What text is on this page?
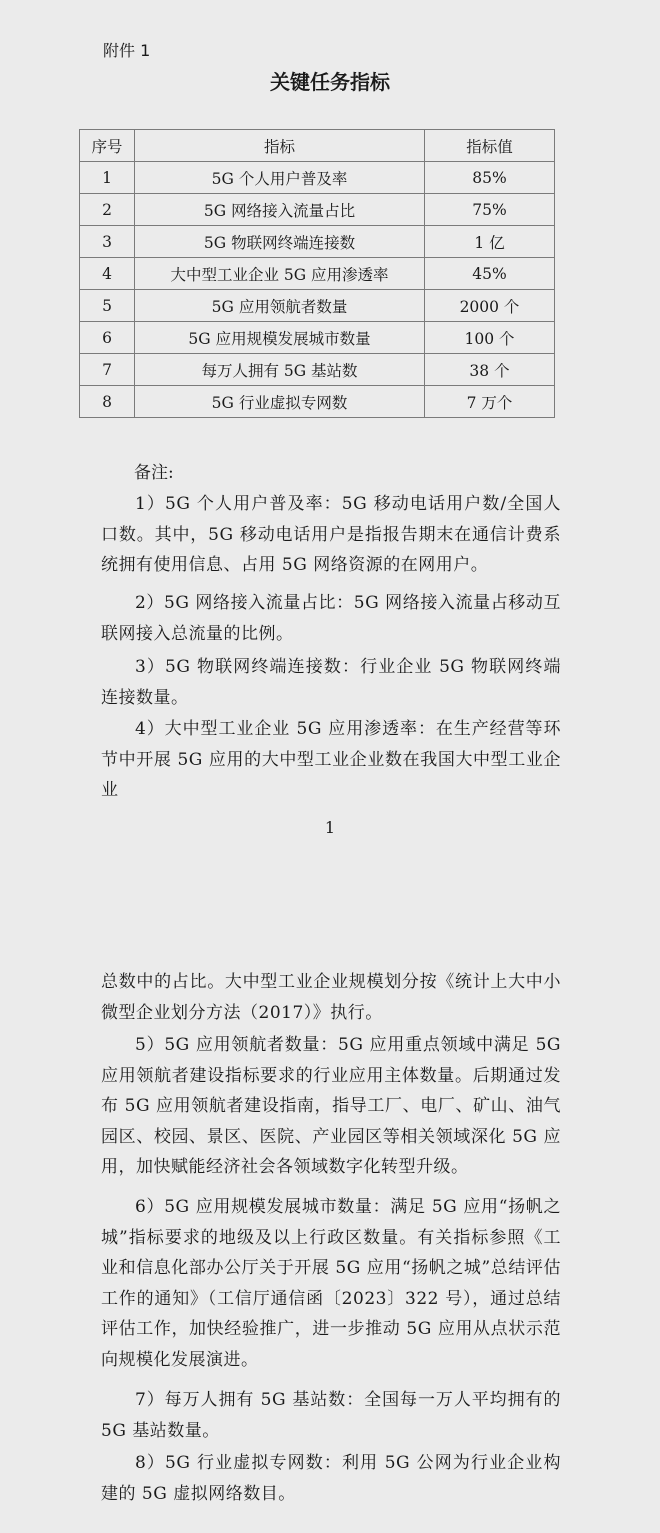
附件 1
关键任务指标
序号	指标	指标值
1	5G 个人用户普及率	85%
2	5G 网络接入流量占比	75%
3	5G 物联网终端连接数	1 亿
4	大中型工业企业 5G 应用渗透率	45%
5	5G 应用领航者数量	2000 个
6	5G 应用规模发展城市数量	100 个
7	每万人拥有 5G 基站数	38 个
8	5G 行业虚拟专网数	7 万个
备注:

1）5G 个人用户普及率：5G 移动电话用户数/全国人口数。其中，5G 移动电话用户是指报告期末在通信计费系统拥有使用信息、占用 5G 网络资源的在网用户。

2）5G 网络接入流量占比：5G 网络接入流量占移动互联网接入总流量的比例。

3）5G 物联网终端连接数：行业企业 5G 物联网终端连接数量。

4）大中型工业企业 5G 应用渗透率：在生产经营等环节中开展 5G 应用的大中型工业企业数在我国大中型工业企业

1

总数中的占比。大中型工业企业规模划分按《统计上大中小微型企业划分方法（2017）》执行。

5）5G 应用领航者数量：5G 应用重点领域中满足 5G 应用领航者建设指标要求的行业应用主体数量。后期通过发布 5G 应用领航者建设指南，指导工厂、电厂、矿山、油气园区、校园、景区、医院、产业园区等相关领域深化 5G 应用，加快赋能经济社会各领域数字化转型升级。

6）5G 应用规模发展城市数量：满足 5G 应用“扬帆之城”指标要求的地级及以上行政区数量。有关指标参照《工业和信息化部办公厅关于开展 5G 应用“扬帆之城”总结评估工作的通知》（工信厅通信函〔2023〕322 号），通过总结评估工作，加快经验推广，进一步推动 5G 应用从点状示范向规模化发展演进。

7）每万人拥有 5G 基站数：全国每一万人平均拥有的 5G 基站数量。

8）5G 行业虚拟专网数：利用 5G 公网为行业企业构建的 5G 虚拟网络数目。
